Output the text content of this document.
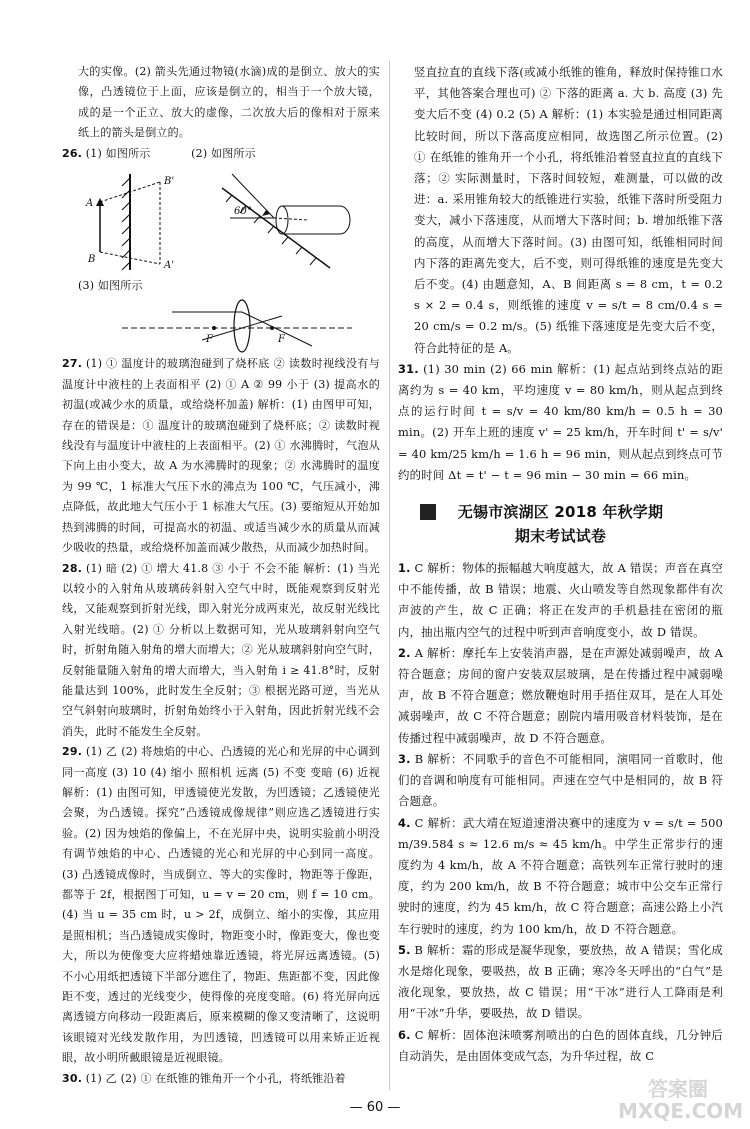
大的实像。(2) 箭头先通过物镜(水滴)成的是倒立、放大的实像，凸透镜位于上面，应该是倒立的，相当于一个放大镜，成的是一个正立、放大的虚像，二次放大后的像相对于原来纸上的箭头是倒立的。

26. (1) 如图所示	(2) 如图所示

A
B
B'
A'
60°

(3) 如图所示

F	F

27. (1) ① 温度计的玻璃泡碰到了烧杯底 ② 读数时视线没有与温度计中液柱的上表面相平 (2) ① A ② 99 小于 (3) 提高水的初温(或减少水的质量，或给烧杯加盖) 解析：(1) 由图甲可知，存在的错误是：① 温度计的玻璃泡碰到了烧杯底；② 读数时视线没有与温度计中液柱的上表面相平。(2) ① 水沸腾时，气泡从下向上由小变大，故 A 为水沸腾时的现象；② 水沸腾时的温度为 99 ℃，1 标准大气压下水的沸点为 100 ℃，气压减小，沸点降低，故此地大气压小于 1 标准大气压。(3) 要缩短从开始加热到沸腾的时间，可提高水的初温、或适当减少水的质量从而减少吸收的热量，或给烧杯加盖而减少散热，从而减少加热时间。

28. (1) 暗 (2) ① 增大 41.8 ③ 小于 不会不能 解析：(1) 当光以较小的入射角从玻璃砖斜射入空气中时，既能观察到反射光线，又能观察到折射光线，即入射光分成两束光，故反射光线比入射光线暗。(2) ① 分析以上数据可知，光从玻璃斜射向空气时，折射角随入射角的增大而增大；② 光从玻璃斜射向空气时，反射能量随入射角的增大而增大，当入射角 i ≥ 41.8°时，反射能量达到 100%，此时发生全反射；③ 根据光路可逆，当光从空气斜射向玻璃时，折射角始终小于入射角，因此折射光线不会消失，此时不能发生全反射。

29. (1) 乙 (2) 将烛焰的中心、凸透镜的光心和光屏的中心调到同一高度 (3) 10 (4) 缩小 照相机 远离 (5) 不变 变暗 (6) 近视 解析：(1) 由图可知，甲透镜使光发散，为凹透镜；乙透镜使光会聚，为凸透镜。探究“凸透镜成像规律”则应选乙透镜进行实验。(2) 因为烛焰的像偏上，不在光屏中央，说明实验前小明没有调节烛焰的中心、凸透镜的光心和光屏的中心到同一高度。(3) 凸透镜成像时，当成倒立、等大的实像时，物距等于像距，都等于 2f，根据图丁可知，u = v = 20 cm，则 f = 10 cm。(4) 当 u = 35 cm 时，u > 2f，成倒立、缩小的实像，其应用是照相机；当凸透镜成实像时，物距变小时，像距变大，像也变大，所以为使像变大应将蜡烛靠近透镜，将光屏远离透镜。(5) 不小心用纸把透镜下半部分遮住了，物距、焦距都不变，因此像距不变，透过的光线变少，使得像的亮度变暗。(6) 将光屏向远离透镜方向移动一段距离后，原来模糊的像又变清晰了，这说明该眼镜对光线发散作用，为凹透镜，凹透镜可以用来矫正近视眼，故小明所戴眼镜是近视眼镜。

30. (1) 乙 (2) ① 在纸锥的锥角开一个小孔，将纸锥沿着

竖直拉直的直线下落(或减小纸锥的锥角，释放时保持锥口水平，其他答案合理也可) ② 下落的距离 a. 大 b. 高度 (3) 先变大后不变 (4) 0.2 (5) A 解析：(1) 本实验是通过相同距离比较时间，所以下落高度应相同，故选图乙所示位置。(2) ① 在纸锥的锥角开一个小孔，将纸锥沿着竖直拉直的直线下落；② 实际测量时，下落时间较短，难测量，可以做的改进：a. 采用锥角较大的纸锥进行实验，纸锥下落时所受阻力变大，减小下落速度，从而增大下落时间；b. 增加纸锥下落的高度，从而增大下落时间。(3) 由图可知，纸锥相同时间内下落的距离先变大，后不变，则可得纸锥的速度是先变大后不变。(4) 由题意知，A、B 间距离 s = 8 cm，t = 0.2 s × 2 = 0.4 s，则纸锥的速度 v = s/t = 8 cm/0.4 s = 20 cm/s = 0.2 m/s。(5) 纸锥下落速度是先变大后不变，符合此特征的是 A。

31. (1) 30 min (2) 66 min 解析：(1) 起点站到终点站的距离约为 s = 40 km，平均速度 v = 80 km/h，则从起点到终点的运行时间 t = s/v = 40 km/80 km/h = 0.5 h = 30 min。(2) 开车上班的速度 v' = 25 km/h，开车时间 t' = s/v' = 40 km/25 km/h = 1.6 h = 96 min，则从起点到终点可节约的时间 Δt = t' − t = 96 min − 30 min = 66 min。

无锡市滨湖区 2018 年秋学期
期末考试试卷

1. C 解析：物体的振幅越大响度越大，故 A 错误；声音在真空中不能传播，故 B 错误；地震、火山喷发等自然现象都伴有次声波的产生，故 C 正确；将正在发声的手机悬挂在密闭的瓶内，抽出瓶内空气的过程中听到声音响度变小，故 D 错误。

2. A 解析：摩托车上安装消声器，是在声源处减弱噪声，故 A 符合题意；房间的窗户安装双层玻璃，是在传播过程中减弱噪声，故 B 不符合题意；燃放鞭炮时用手捂住双耳，是在人耳处减弱噪声，故 C 不符合题意；剧院内墙用吸音材料装饰，是在传播过程中减弱噪声，故 D 不符合题意。

3. B 解析：不同歌手的音色不可能相同，演唱同一首歌时，他们的音调和响度有可能相同。声速在空气中是相同的，故 B 符合题意。

4. C 解析：武大靖在短道速滑决赛中的速度为 v = s/t = 500 m/39.584 s ≈ 12.6 m/s ≈ 45 km/h。中学生正常步行的速度约为 4 km/h，故 A 不符合题意；高铁列车正常行驶时的速度，约为 200 km/h，故 B 不符合题意；城市中公交车正常行驶时的速度，约为 45 km/h，故 C 符合题意；高速公路上小汽车行驶时的速度，约为 100 km/h，故 D 不符合题意。

5. B 解析：霜的形成是凝华现象，要放热，故 A 错误；雪化成水是熔化现象，要吸热，故 B 正确；寒冷冬天呼出的“白气”是液化现象，要放热，故 C 错误；用“干冰”进行人工降雨是利用“干冰”升华，要吸热，故 D 错误。

6. C 解析：固体泡沫喷雾剂喷出的白色的固体直线，几分钟后自动消失，是由固体变成气态，为升华过程，故 C

— 60 —
答案圈 MXQE.COM
